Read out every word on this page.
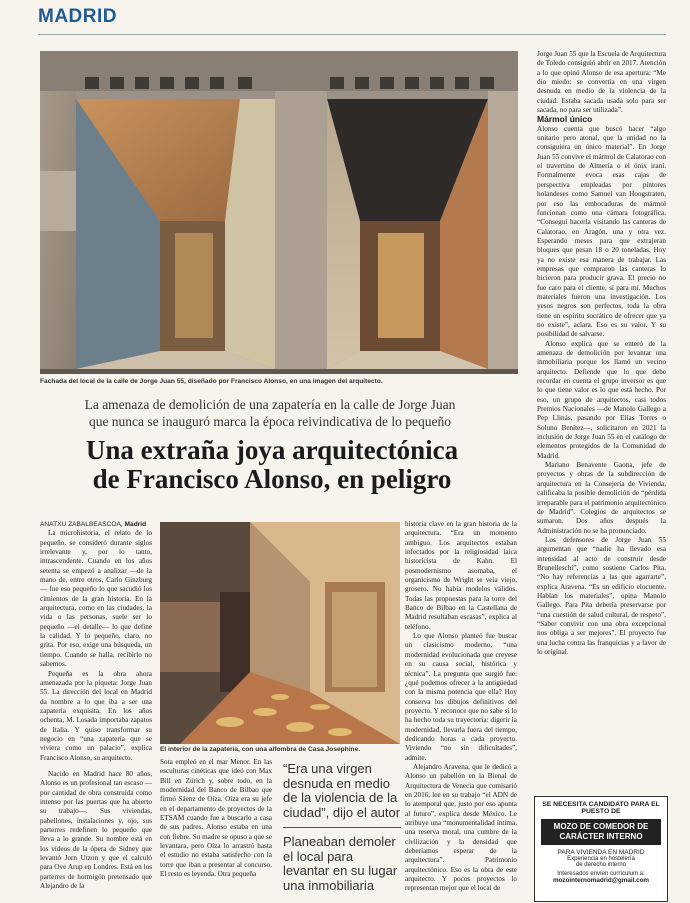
MADRID
Fachada del local de la calle de Jorge Juan 55, diseñado por Francisco Alonso, en una imagen del arquitecto.
La amenaza de demolición de una zapatería en la calle de Jorge Juan
que nunca se inauguró marca la época reivindicativa de lo pequeño
Una extraña joya arquitectónica
de Francisco Alonso, en peligro

ANATXU ZABALBEASCOA, Madrid

La microhistoria, el relato de lo pequeño, se consideró durante siglos irrelevante y, por lo tanto, intrascendente. Cuando en los años setenta se empezó a analizar —de la mano de, entre otros, Carlo Ginzburg— fue eso pequeño lo que sacudió los cimientos de la gran historia. En la arquitectura, como en las ciudades, la vida o las personas, suele ser lo pequeño —el detalle— lo que define la calidad. Y lo pequeño, claro, no grita. Por eso, exige una búsqueda, un tiempo. Cuando se halla, recibirlo no sabemos.

Pequeña es la obra ahora amenazada por la piqueta: Jorge Juan 55. La dirección del local en Madrid da nombre a lo que iba a ser una zapatería exquisita. En los años ochenta, M. Losada importaba zapatos de Italia. Y quiso transformar su negocio en “una zapatería que se viviera como un palacio”, explica Francisco Alonso, su arquitecto.

El interior de la zapatería, con una alfombra de Casa Josephine.

Nacido en Madrid hace 80 años, Alonso es un profesional tan escaso —por cantidad de obra construida como intenso por las puertas que ha abierto su trabajo—. Sus viviendas, pabellones, instalaciones y, ojo, sus parterres redefinen lo pequeño que lleva a lo grande. Su nombre está en los vídeos de la ópera de Sidney que levantó Jorn Utzon y que el calculó para Ove Arup en Londres. Está en los parterres de hormigón pretensado que Alejandro de la

Sota empleó en el mar Menor. En las esculturas cinéticas que ideó con Max Bill en Zúrich y, sobre todo, en la modernidad del Banco de Bilbao que firmó Sáenz de Oíza. Oíza era su jefe en el departamento de proyectos de la ETSAM cuando fue a buscarlo a casa de sus padres. Alonso estaba en una con fiebre. Su madre se opuso a que se levantara, pero Oíza lo arrastró hasta el estudio no estaba satisfecho con la torre que iban a presentar al concurso. El resto es leyenda. Otra pequeña

“Era una virgen desnuda en medio de la violencia de la ciudad”, dijo el autor
Planeaban demoler el local para levantar en su lugar una inmobiliaria

historia clave en la gran historia de la arquitectura. “Era un momento ambiguo. Los arquitectos estaban infectados por la religiosidad laica historicista de Kahn. El posmodernismo asomaba, el organicismo de Wright se veía viejo, grosero. No había modelos válidos. Todas las propuestas para la torre del Banco de Bilbao en la Castellana de Madrid resultaban escasas”, explica al teléfono.

Lo que Alonso planteó fue buscar un clasicismo moderno, “una modernidad evolucionada que creyese en su causa social, histórica y técnica”. La pregunta que surgió fue: ¿qué podemos ofrecer a la antigüedad con la misma potencia que ella? Hoy conserva los dibujos definitivos del proyecto. Y reconoce que no sabe si lo ha hecho toda su trayectoria: digerir la modernidad, llevarla fuera del tiempo, dedicando horas a cada proyecto. Viviendo “no sin dificultades”, admite.

Alejandro Aravena, que le dedicó a Alonso un pabellón en la Bienal de Arquitectura de Venecia que comisarió en 2016, lee en su trabajo “el ADN de lo atemporal que, justo por eso apunta al futuro”, explica desde México. Le atribuye una “monumentalidad íntima, una reserva moral, una cumbre de la civilización y la densidad que deberíamos esperar de la arquitectura”. Patrimonio arquitectónico. Eso es la obra de este arquitecto. Y pocos proyectos lo representan mejor que el local de

Jorge Juan 55 que la Escuela de Arquitectura de Toledo consiguió abrir en 2017. Atención a lo que opinó Alonso de esa apertura: “Me dio miedo: se convertía en una virgen desnuda en medio de la violencia de la ciudad. Estaba sacada usada solo para ser sacada, no para ser utilizada”.

Mármol único

Alonso cuenta que buscó hacer “algo unitario pero atonal, que la unidad no la consiguiera un único material”. En Jorge Juan 55 convive el mármol de Calatorao con el travertino de Almería o el ónix iraní. Formalmente evoca esas cajas de perspectiva empleadas por pintores holandeses como Samuel van Hoogstraten, por eso las embocaduras de mármol funcionan como una cámara fotográfica. “Conseguí hacerla visitando las canteras de Calatorao, en Aragón, una y otra vez. Esperando meses para que extrajeran bloques que pesan 18 o 20 toneladas. Hoy ya no existe esa manera de trabajar. Las empresas que compraron las canteras lo hicieron para producir grava. El precio no fue caro para el cliente, sí para mí. Muchos materiales fueron una investigación. Los yesos negros son perfectos, toda la obra tiene un espíritu socrático de ofrecer que ya no existe”, aclara. Eso es su valor. Y su posibilidad de salvarse.

Alonso explica que se enteró de la amenaza de demolición por levantar una inmobiliaria porque los llamó un vecino arquitecto. Defiende que lo que debe recordar en cuenta el grupo inversor es que lo que tiene valor es lo que está hecho. Por eso, un grupo de arquitectos, casi todos Premios Nacionales —de Manolo Gallego a Pep Llinás, pasando por Elías Torres o Soluno Benítez—, solicitaron en 2021 la inclusión de Jorge Juan 55 en el catálogo de elementos protegidos de la Comunidad de Madrid.

Mariano Benavente Gaona, jefe de proyectos y obras de la subdirección de arquitectura en la Consejería de Vivienda, calificaba la posible demolición de “pérdida irreparable para el patrimonio arquitectónico de Madrid”. Colegios de arquitectos se sumaron. Dos años después la Administración no se ha pronunciado.

Los defensores de Jorge Juan 55 argumentan que “nadie ha llevado esa intensidad al acto de construir desde Brunelleschi”, como sostiene Carlos Pita. “No hay referencias a las que agarrarte”, explica Aravena. “Es un edificio elocuente. Hablan los materiales”, opina Manolo Gallego. Para Pita debería preservarse por “una cuestión de salud cultural, de respeto”. “Saber convivir con una obra excepcional nos obliga a ser mejores”. El proyecto fue una lucha contra las franquicias y a favor de lo original.

SE NECESITA CANDIDATO PARA EL PUESTO DE
MOZO DE COMEDOR DE CARÁCTER INTERNO
PARA VIVIENDA EN MADRID
Experiencia en hostelería
de derecho interno
Interesados envíen currículum a:
mozointernomadrid@gmail.com
